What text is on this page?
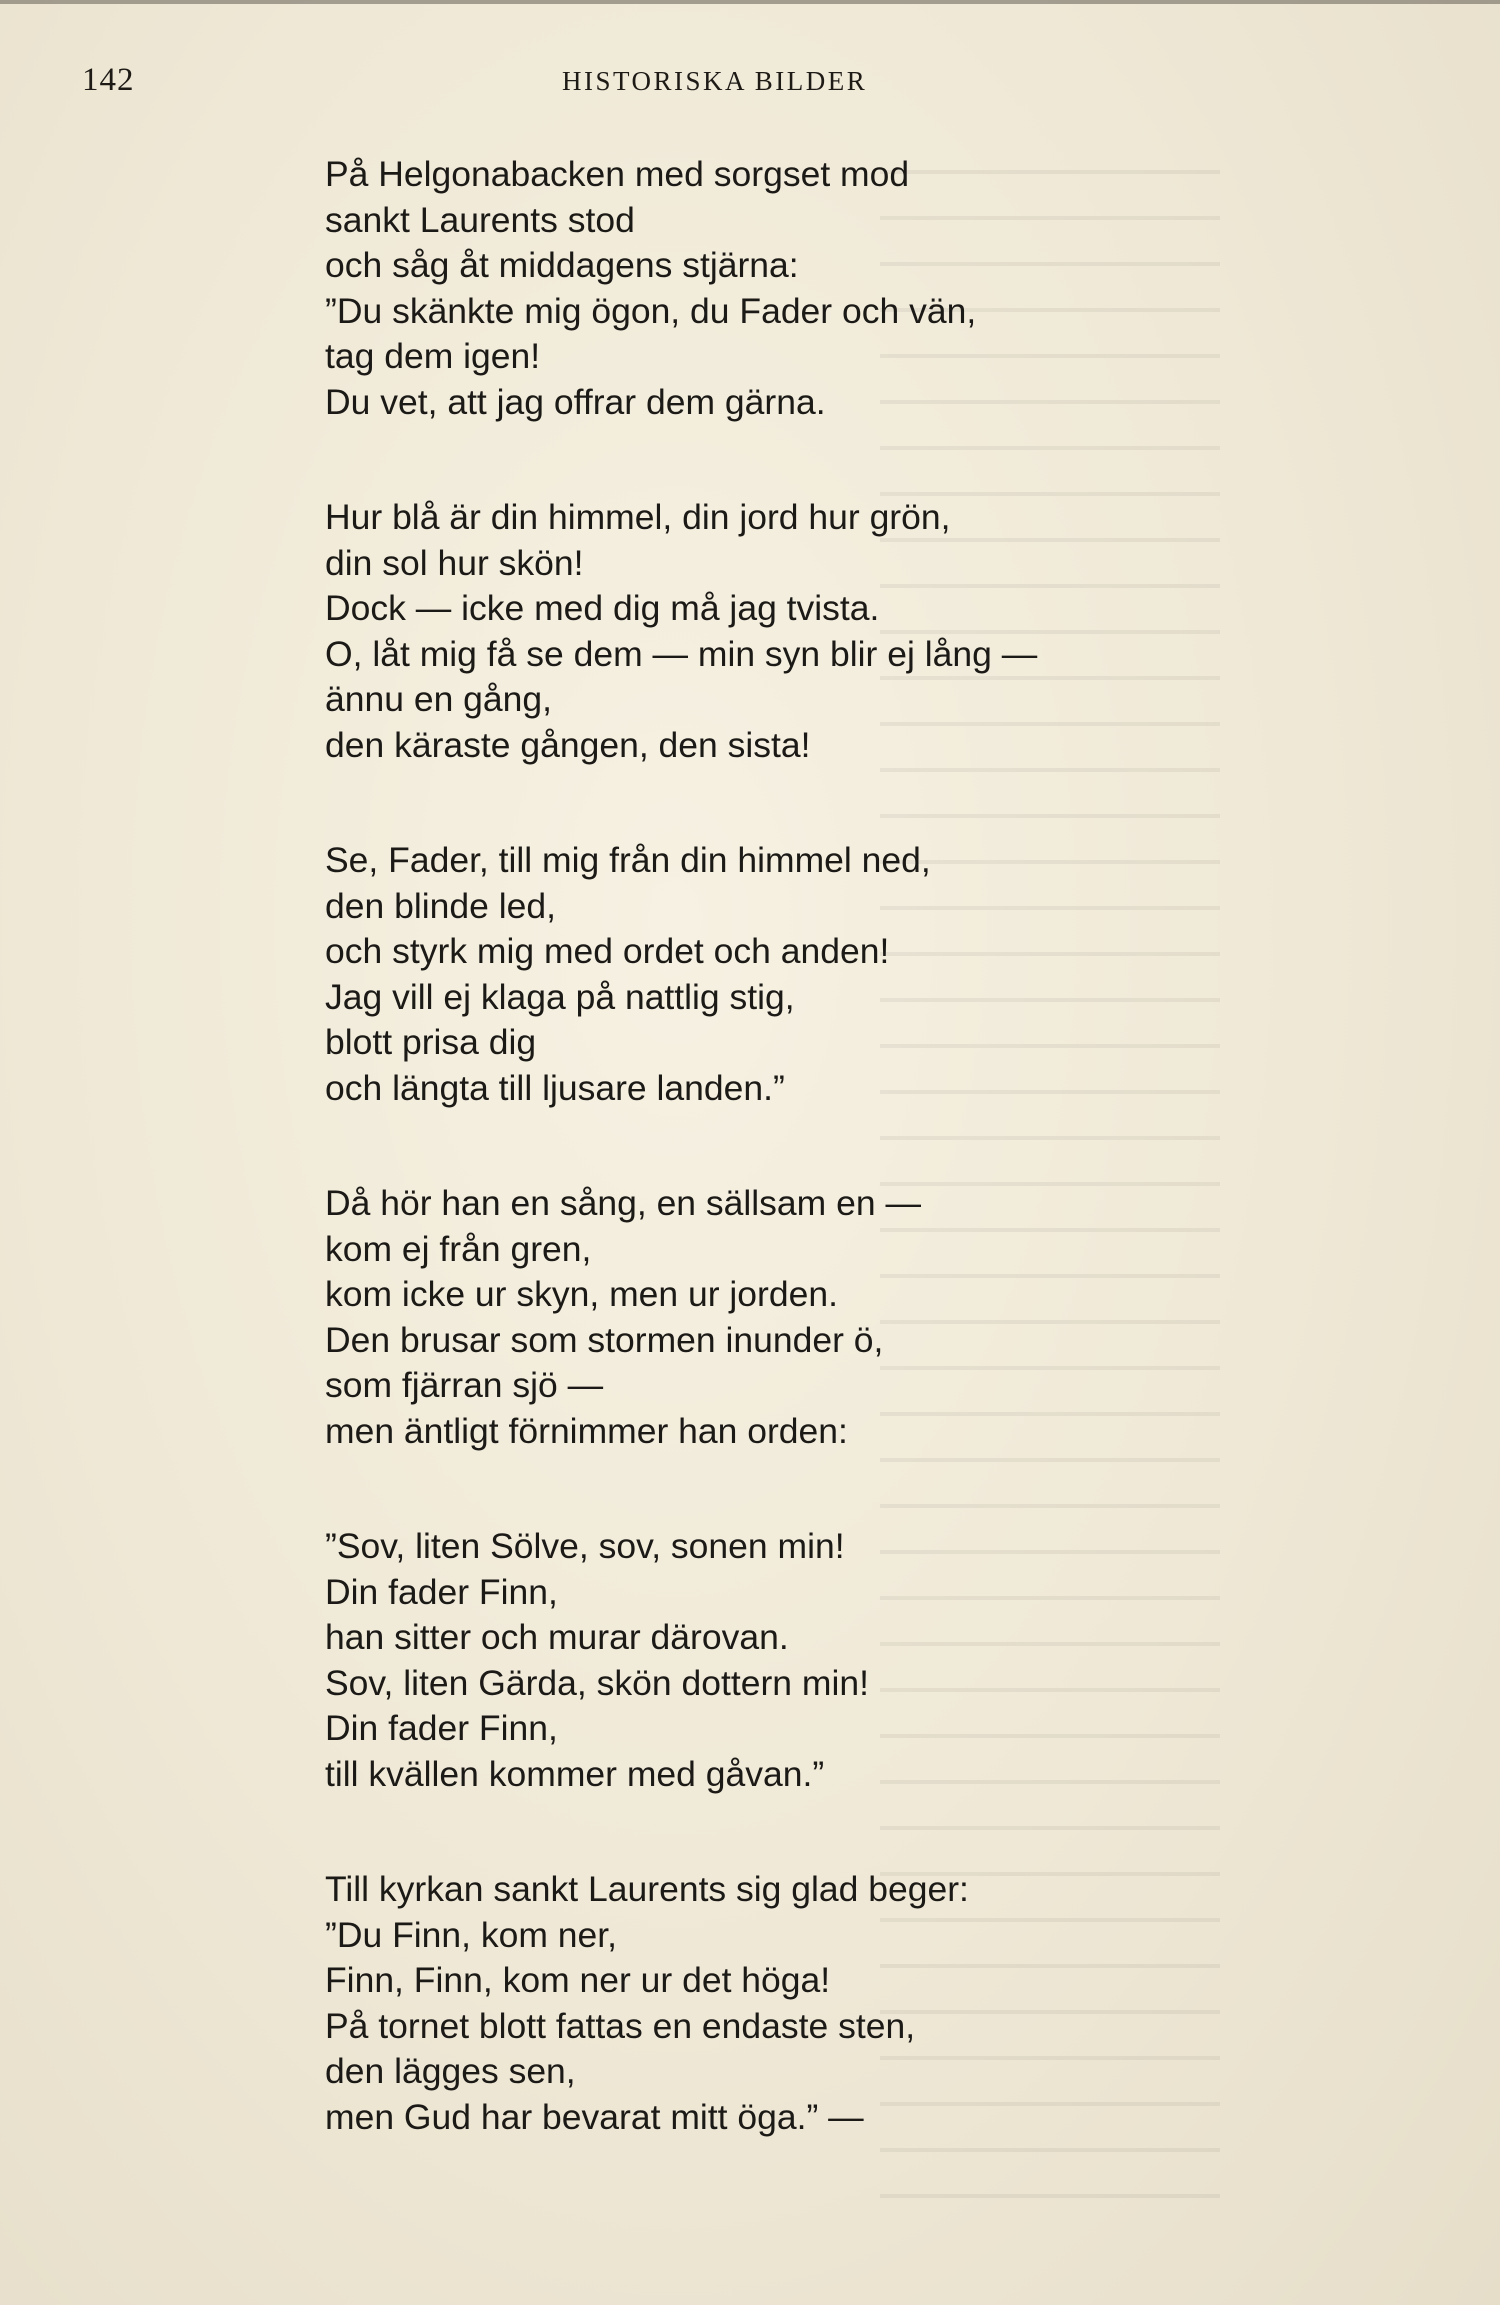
142	HISTORISKA BILDER
På Helgonabacken med sorgset mod
sankt Laurents stod
och såg åt middagens stjärna:
”Du skänkte mig ögon, du Fader och vän,
tag dem igen!
Du vet, att jag offrar dem gärna.
Hur blå är din himmel, din jord hur grön,
din sol hur skön!
Dock — icke med dig må jag tvista.
O, låt mig få se dem — min syn blir ej lång —
ännu en gång,
den käraste gången, den sista!
Se, Fader, till mig från din himmel ned,
den blinde led,
och styrk mig med ordet och anden!
Jag vill ej klaga på nattlig stig,
blott prisa dig
och längta till ljusare landen.”
Då hör han en sång, en sällsam en —
kom ej från gren,
kom icke ur skyn, men ur jorden.
Den brusar som stormen inunder ö,
som fjärran sjö —
men äntligt förnimmer han orden:
”Sov, liten Sölve, sov, sonen min!
Din fader Finn,
han sitter och murar därovan.
Sov, liten Gärda, skön dottern min!
Din fader Finn,
till kvällen kommer med gåvan.”
Till kyrkan sankt Laurents sig glad beger:
”Du Finn, kom ner,
Finn, Finn, kom ner ur det höga!
På tornet blott fattas en endaste sten,
den lägges sen,
men Gud har bevarat mitt öga.” —
